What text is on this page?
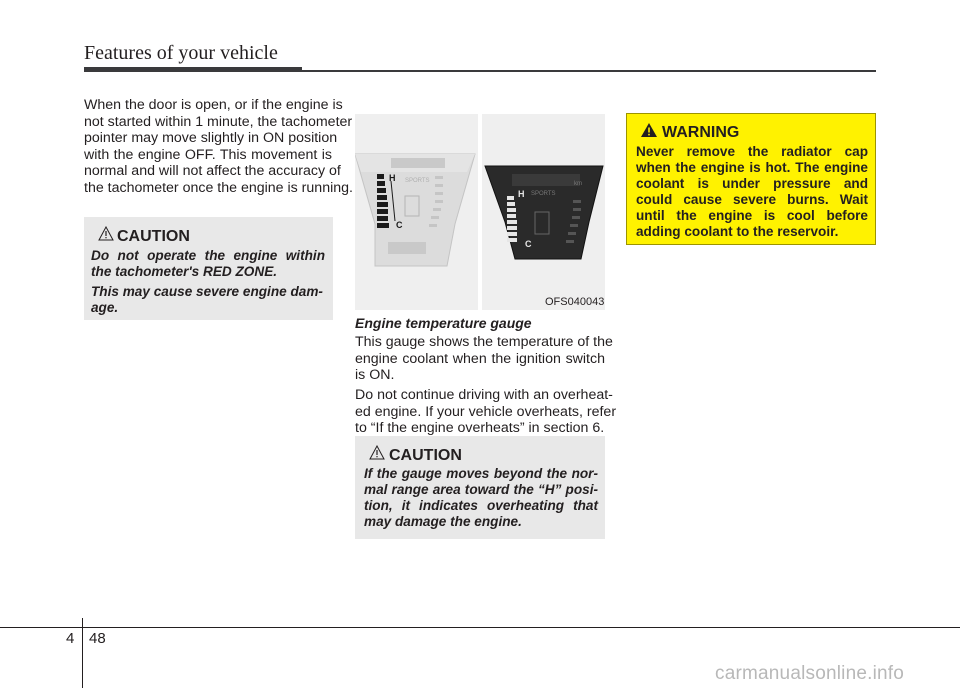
Features of your vehicle
When the door is open, or if the engine is
not started within 1 minute, the tachometer
pointer may move slightly in ON position
with the engine OFF. This movement is
normal and will not affect the accuracy of
the tachometer once the engine is running.
CAUTION
Do not operate the engine within
the tachometer's RED ZONE.
This may cause severe engine dam-
age.
H
C
SPORTS	km
H
C
SPORTS
OFS040043
Engine temperature gauge
This gauge shows the temperature of the
engine coolant when the ignition switch
is ON.
Do not continue driving with an overheat-
ed engine. If your vehicle overheats, refer
to “If the engine overheats” in section 6.
CAUTION
If the gauge moves beyond the nor-
mal range area toward the “H” posi-
tion, it indicates overheating that
may damage the engine.
WARNING
Never remove the radiator cap
when the engine is hot. The engine
coolant is under pressure and
could cause severe burns. Wait
until the engine is cool before
adding coolant to the reservoir.
4 48
carmanualsonline.info
